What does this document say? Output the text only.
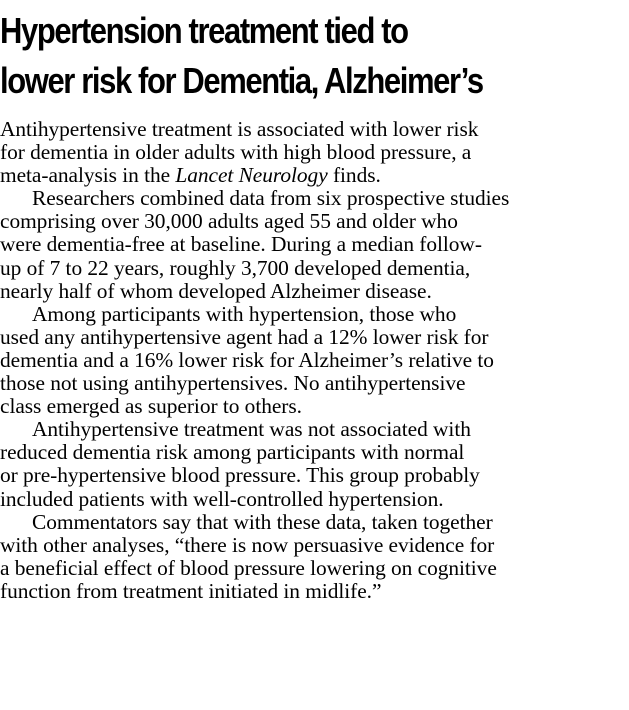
Hypertension treatment tied to
lower risk for Dementia, Alzheimer’s

Antihypertensive treatment is associated with lower risk
for dementia in older adults with high blood pressure, a
meta-analysis in the Lancet Neurology finds.

Researchers combined data from six prospective studies
comprising over 30,000 adults aged 55 and older who
were dementia-free at baseline. During a median follow-
up of 7 to 22 years, roughly 3,700 developed dementia,
nearly half of whom developed Alzheimer disease.

Among participants with hypertension, those who
used any antihypertensive agent had a 12% lower risk for
dementia and a 16% lower risk for Alzheimer’s relative to
those not using antihypertensives. No antihypertensive
class emerged as superior to others.

Antihypertensive treatment was not associated with
reduced dementia risk among participants with normal
or pre-hypertensive blood pressure. This group probably
included patients with well-controlled hypertension.

Commentators say that with these data, taken together
with other analyses, “there is now persuasive evidence for
a beneficial effect of blood pressure lowering on cognitive
function from treatment initiated in midlife.”
